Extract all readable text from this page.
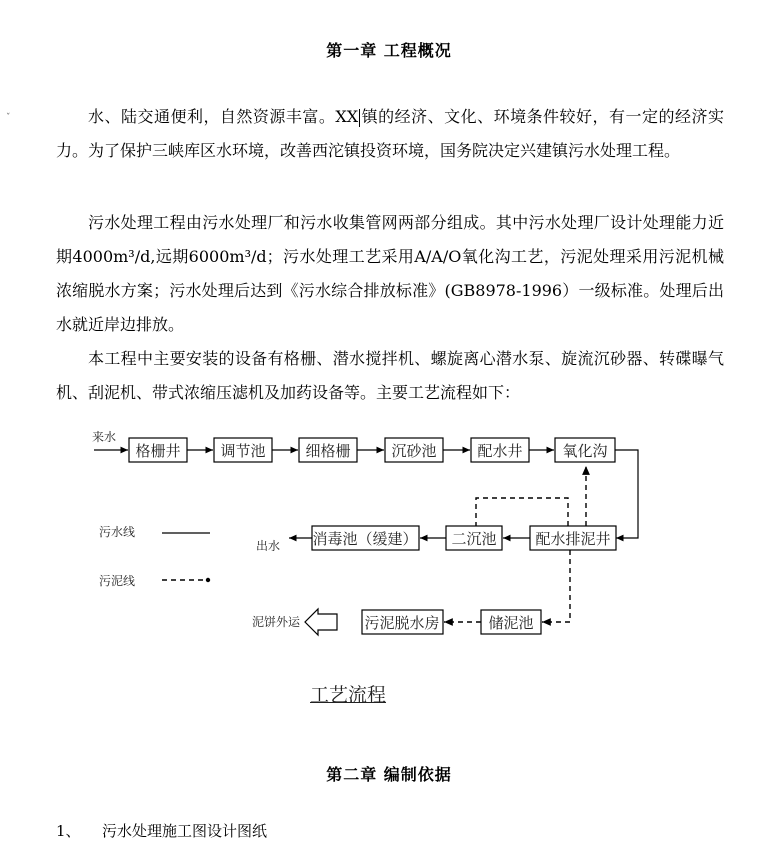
ˇ
第一章 工程概况
水、陆交通便利，自然资源丰富。XX 镇的经济、文化、环境条件较好，有一定的经济实力。为了保护三峡库区水环境，改善西沱镇投资环境，国务院决定兴建镇污水处理工程。
污水处理工程由污水处理厂和污水收集管网两部分组成。其中污水处理厂设计处理能力近期4000m³/d,远期6000m³/d；污水处理工艺采用A/A/O氧化沟工艺，污泥处理采用污泥机械浓缩脱水方案；污水处理后达到《污水综合排放标准》(GB8978-1996）一级标准。处理后出水就近岸边排放。
本工程中主要安装的设备有格栅、潜水搅拌机、螺旋离心潜水泵、旋流沉砂器、转碟曝气机、刮泥机、带式浓缩压滤机及加药设备等。主要工艺流程如下：
来水
格栅井	调节池	细格栅	沉砂池	配水井	氧化沟
配水排泥井
二沉池
消毒池（缓建）
出水
储泥池
污泥脱水房
泥饼外运
污水线
污泥线
工艺流程
第二章 编制依据
1、 污水处理施工图设计图纸
